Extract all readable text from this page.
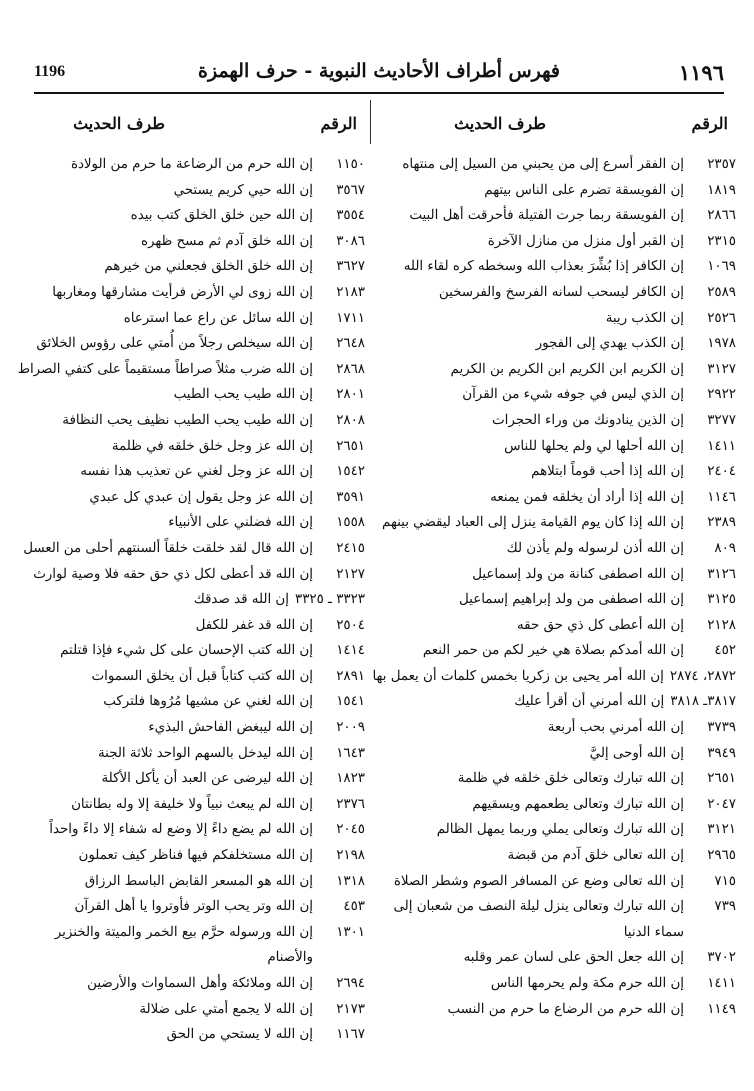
١١٩٦
فهرس أطراف الأحاديث النبوية - حرف الهمزة
1196
الرقم
طرف الحديث
٢٣٥٧
إن الفقر أسرع إلى من يحبني من السيل إلى منتهاه
١٨١٩
إن الفويسقة تضرم على الناس بيتهم
٢٨٦٦
إن الفويسقة ربما جرت الفتيلة فأحرقت أهل البيت
٢٣١٥
إن القبر أول منزل من منازل الآخرة
١٠٦٩
إن الكافر إذا بُشِّرَ بعذاب الله وسخطه كره لقاء الله
٢٥٨٩
إن الكافر ليسحب لسانه الفرسخ والفرسخين
٢٥٢٦
إن الكذب ريبة
١٩٧٨
إن الكذب يهدي إلى الفجور
٣١٢٧
إن الكريم ابن الكريم ابن الكريم بن الكريم
٢٩٢٢
إن الذي ليس في جوفه شيء من القرآن
٣٢٧٧
إن الذين ينادونك من وراء الحجرات
١٤١١
إن الله أحلها لي ولم يحلها للناس
٢٤٠٤
إن الله إذا أحب قوماً ابتلاهم
١١٤٦
إن الله إذا أراد أن يخلقه فمن يمنعه
٢٣٨٩
إن الله إذا كان يوم القيامة ينزل إلى العباد ليقضي بينهم
٨٠٩
إن الله أذن لرسوله ولم يأذن لك
٣١٢٦
إن الله اصطفى كنانة من ولد إسماعيل
٣١٢٥
إن الله اصطفى من ولد إبراهيم إسماعيل
٢١٢٨
إن الله أعطى كل ذي حق حقه
٤٥٢
إن الله أمدكم بصلاة هي خير لكم من حمر النعم
٢٨٧٢، ٢٨٧٤
إن الله أمر يحيى بن زكريا بخمس كلمات أن يعمل بها
٣٨١٧ـ ٣٨١٨
إن الله أمرني أن أقرأ عليك
٣٧٣٩
إن الله أمرني بحب أربعة
٣٩٤٩
إن الله أوحى إليَّ
٢٦٥١
إن الله تبارك وتعالى خلق خلقه في ظلمة
٢٠٤٧
إن الله تبارك وتعالى يطعمهم ويسقيهم
٣١٢١
إن الله تبارك وتعالى يملي وربما يمهل الظالم
٢٩٦٥
إن الله تعالى خلق آدم من قبضة
٧١٥
إن الله تعالى وضع عن المسافر الصوم وشطر الصلاة
٧٣٩
إن الله تبارك وتعالى ينزل ليلة النصف من شعبان إلى سماء الدنيا
٣٧٠٢
إن الله جعل الحق على لسان عمر وقلبه
١٤١١
إن الله حرم مكة ولم يحرمها الناس
١١٤٩
إن الله حرم من الرضاع ما حرم من النسب
الرقم
طرف الحديث
١١٥٠
إن الله حرم من الرضاعة ما حرم من الولادة
٣٥٦٧
إن الله حيي كريم يستحي
٣٥٥٤
إن الله حين خلق الخلق كتب بيده
٣٠٨٦
إن الله خلق آدم ثم مسح ظهره
٣٦٢٧
إن الله خلق الخلق فجعلني من خيرهم
٢١٨٣
إن الله زوى لي الأرض فرأيت مشارقها ومغاربها
١٧١١
إن الله سائل عن راع عما استرعاه
٢٦٤٨
إن الله سيخلص رجلاً من أُمتي على رؤوس الخلائق
٢٨٦٨
إن الله ضرب مثلاً صراطاً مستقيماً على كتفي الصراط
٢٨٠١
إن الله طيب يحب الطيب
٢٨٠٨
إن الله طيب يحب الطيب نظيف يحب النظافة
٢٦٥١
إن الله عز وجل خلق خلقه في ظلمة
١٥٤٢
إن الله عز وجل لغني عن تعذيب هذا نفسه
٣٥٩١
إن الله عز وجل يقول إن عبدي كل عبدي
١٥٥٨
إن الله فضلني على الأنبياء
٢٤١٥
إن الله قال لقد خلقت خلقاً ألسنتهم أحلى من العسل
٢١٢٧
إن الله قد أعطى لكل ذي حق حقه فلا وصية لوارث
٣٣٢٣ ـ ٣٣٢٥
إن الله قد صدقك
٢٥٠٤
إن الله قد غفر للكفل
١٤١٤
إن الله كتب الإحسان على كل شيء فإذا قتلتم
٢٨٩١
إن الله كتب كتاباً قبل أن يخلق السموات
١٥٤١
إن الله لغني عن مشيها مُرُوها فلتركب
٢٠٠٩
إن الله ليبغض الفاحش البذيء
١٦٤٣
إن الله ليدخل بالسهم الواحد ثلاثة الجنة
١٨٢٣
إن الله ليرضى عن العبد أن يأكل الأكلة
٢٣٧٦
إن الله لم يبعث نبياً ولا خليفة إلا وله بطانتان
٢٠٤٥
إن الله لم يضع داءً إلا وضع له شفاء إلا داءً واحداً
٢١٩٨
إن الله مستخلفكم فيها فناظر كيف تعملون
١٣١٨
إن الله هو المسعر القابض الباسط الرزاق
٤٥٣
إن الله وتر يحب الوتر فأوتروا يا أهل القرآن
١٣٠١
إن الله ورسوله حرَّم بيع الخمر والميتة والخنزير والأصنام
٢٦٩٤
إن الله وملائكة وأهل السماوات والأرضين
٢١٧٣
إن الله لا يجمع أمتي على ضلالة
١١٦٧
إن الله لا يستحي من الحق
